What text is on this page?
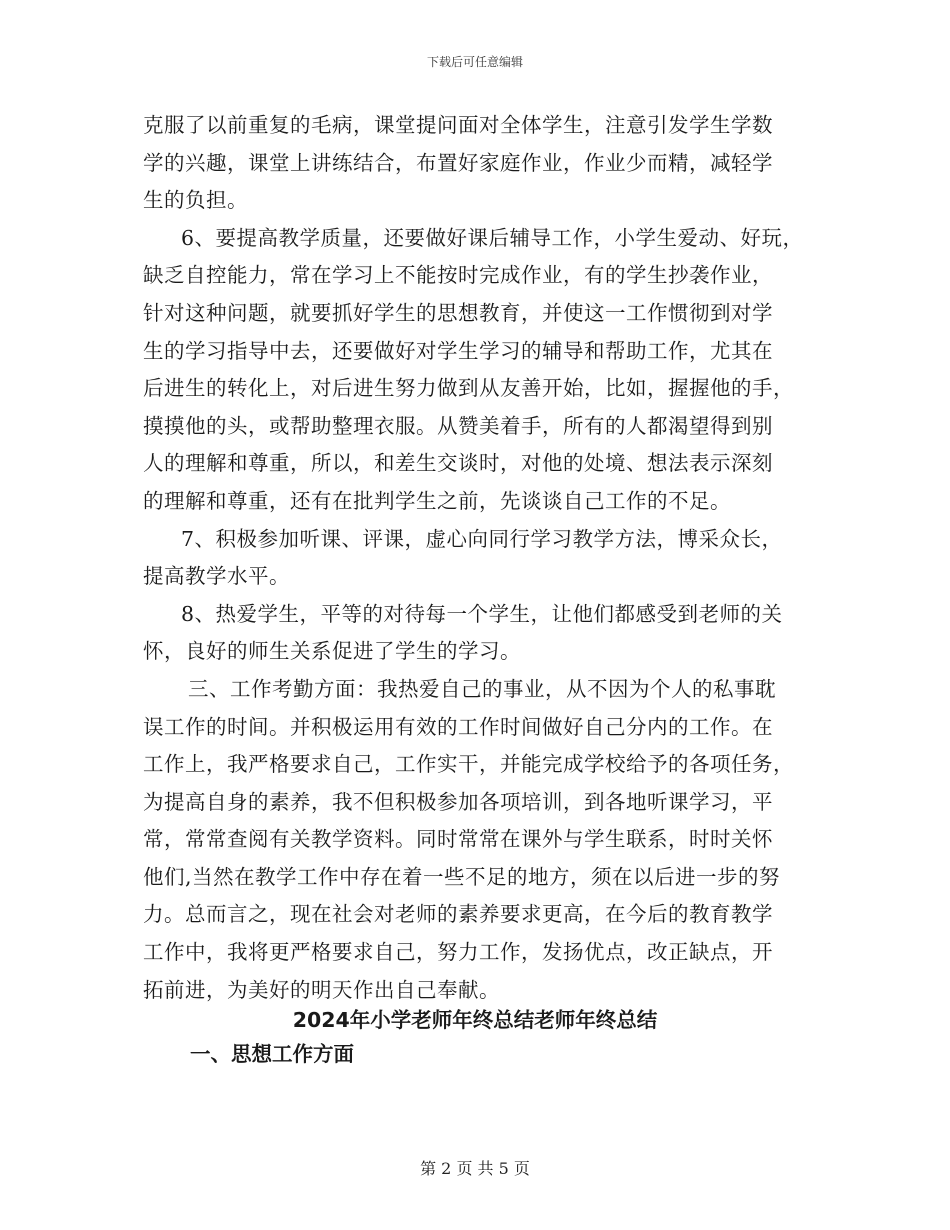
下载后可任意编辑
克服了以前重复的毛病，课堂提问面对全体学生，注意引发学生学数
学的兴趣，课堂上讲练结合，布置好家庭作业，作业少而精，减轻学
生的负担。
6、要提高教学质量，还要做好课后辅导工作，小学生爱动、好玩，
缺乏自控能力，常在学习上不能按时完成作业，有的学生抄袭作业，
针对这种问题，就要抓好学生的思想教育，并使这一工作惯彻到对学
生的学习指导中去，还要做好对学生学习的辅导和帮助工作，尤其在
后进生的转化上，对后进生努力做到从友善开始，比如，握握他的手，
摸摸他的头，或帮助整理衣服。从赞美着手，所有的人都渴望得到别
人的理解和尊重，所以，和差生交谈时，对他的处境、想法表示深刻
的理解和尊重，还有在批判学生之前，先谈谈自己工作的不足。
7、积极参加听课、评课，虚心向同行学习教学方法，博采众长，
提高教学水平。
8、热爱学生，平等的对待每一个学生，让他们都感受到老师的关
怀，良好的师生关系促进了学生的学习。
三、工作考勤方面：我热爱自己的事业，从不因为个人的私事耽
误工作的时间。并积极运用有效的工作时间做好自己分内的工作。在
工作上，我严格要求自己，工作实干，并能完成学校给予的各项任务，
为提高自身的素养，我不但积极参加各项培训，到各地听课学习，平
常，常常查阅有关教学资料。同时常常在课外与学生联系，时时关怀
他们,当然在教学工作中存在着一些不足的地方，须在以后进一步的努
力。总而言之，现在社会对老师的素养要求更高，在今后的教育教学
工作中，我将更严格要求自己，努力工作，发扬优点，改正缺点，开
拓前进，为美好的明天作出自己奉献。
2024年小学老师年终总结老师年终总结
一、思想工作方面
第 2 页 共 5 页
